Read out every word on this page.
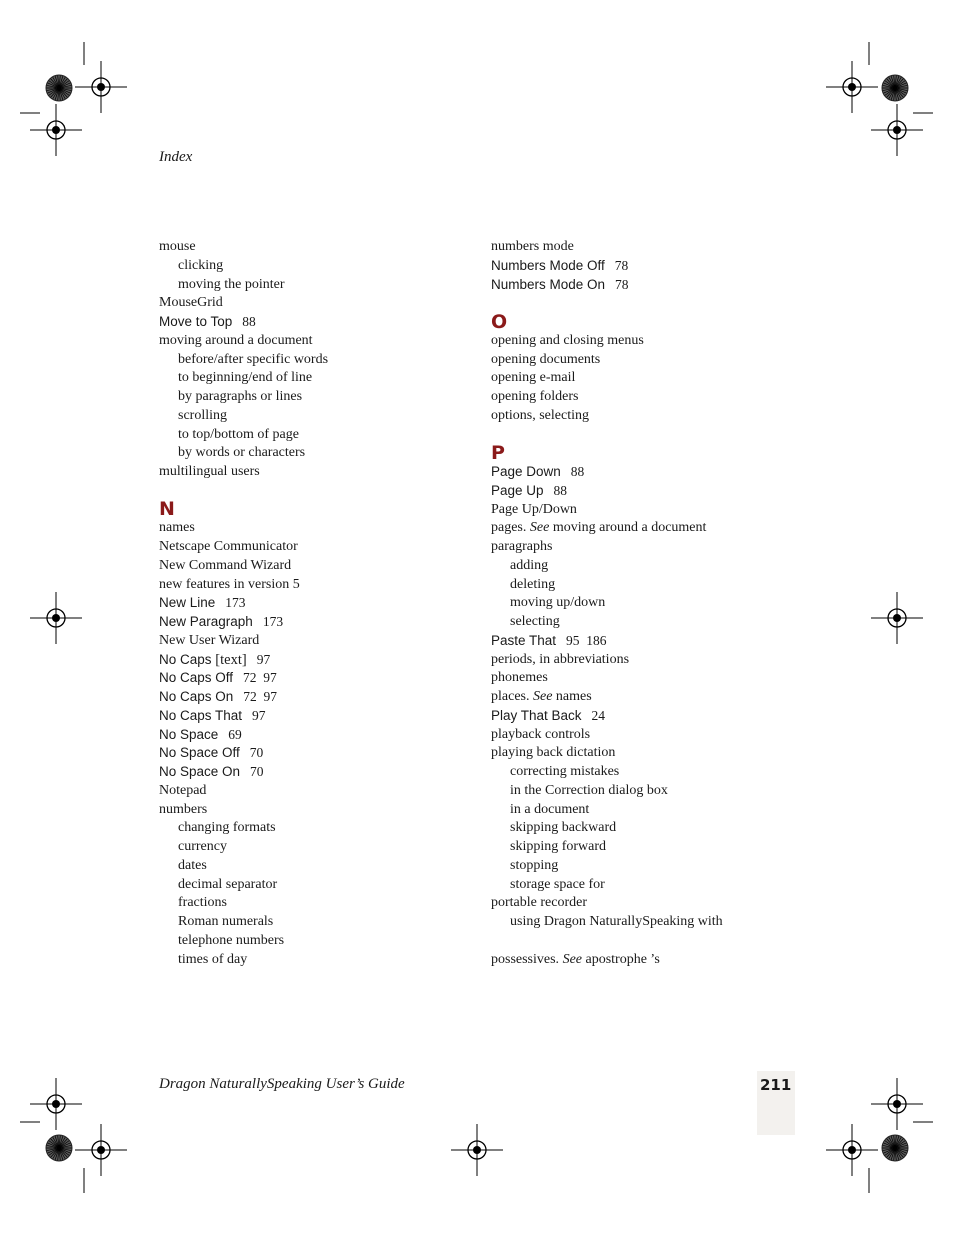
Index
mouse
clicking
moving the pointer
MouseGrid
Move to Top 88
moving around a document
before/after specific words
to beginning/end of line
by paragraphs or lines
scrolling
to top/bottom of page
by words or characters
multilingual users
N
names
Netscape Communicator
New Command Wizard
new features in version 5
New Line 173
New Paragraph 173
New User Wizard
No Caps [text] 97
No Caps Off 72  97
No Caps On 72  97
No Caps That 97
No Space 69
No Space Off 70
No Space On 70
Notepad
numbers
changing formats
currency
dates
decimal separator
fractions
Roman numerals
telephone numbers
times of day
numbers mode
Numbers Mode Off 78
Numbers Mode On 78
O
opening and closing menus
opening documents
opening e-mail
opening folders
options, selecting
P
Page Down 88
Page Up 88
Page Up/Down
pages. See moving around a document
paragraphs
adding
deleting
moving up/down
selecting
Paste That 95  186
periods, in abbreviations
phonemes
places. See names
Play That Back 24
playback controls
playing back dictation
correcting mistakes
in the Correction dialog box
in a document
skipping backward
skipping forward
stopping
storage space for
portable recorder
using Dragon NaturallySpeaking with
possessives. See apostrophe ’s
Dragon NaturallySpeaking User’s Guide	211
